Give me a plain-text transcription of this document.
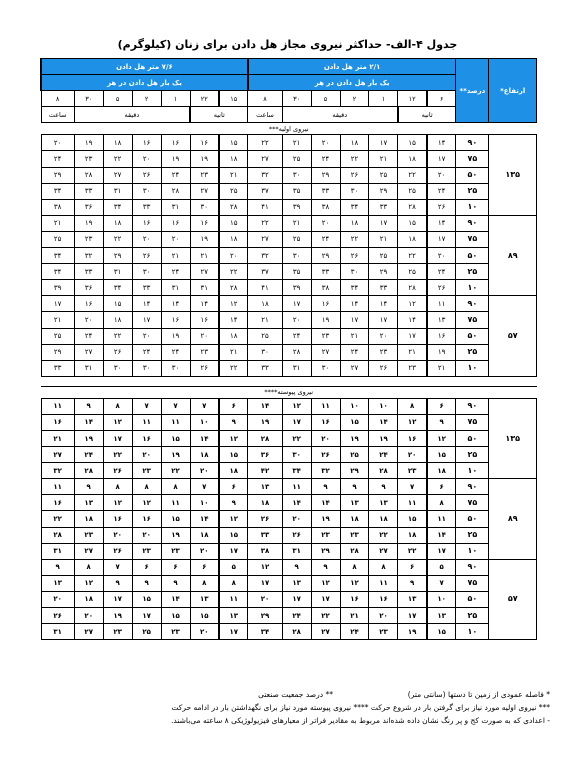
جدول ۴-الف- حداکثر نیروی مجاز هل دادن برای زنان (کیلوگرم)
ارتفاع*	درصد**	۲/۱ متر هل دادن							۷/۶ متر هل دادن						
		یک بار هل دادن در هر							یک بار هل دادن در هر						
		۶	۱۲	۱	۲	۵	۳۰	۸	۱۵	۲۲	۱	۲	۵	۳۰	۸
		ثانیه		دقیقه				ساعت	ثانیه		دقیقه				ساعت
نیروی اولیه***															
۱۳۵	۹۰	۱۴	۱۵	۱۷	۱۸	۲۰	۲۱	۲۲	۱۵	۱۶	۱۶	۱۶	۱۸	۱۹	۲۰
	۷۵	۱۷	۱۸	۲۱	۲۲	۲۴	۲۵	۲۷	۱۸	۱۹	۱۹	۲۰	۲۲	۲۳	۲۴
	۵۰	۲۰	۲۲	۲۵	۲۶	۲۹	۳۰	۳۲	۲۱	۲۳	۲۴	۲۶	۲۷	۲۸	۲۹
	۲۵	۲۴	۲۵	۲۹	۳۰	۳۳	۳۵	۳۷	۲۵	۲۷	۲۸	۳۰	۳۱	۳۳	۳۴
	۱۰	۲۶	۲۸	۳۳	۳۴	۳۸	۳۹	۴۱	۲۸	۳۰	۳۱	۳۳	۳۴	۳۶	۳۸
۸۹	۹۰	۱۴	۱۵	۱۷	۱۸	۲۰	۲۱	۲۲	۱۵	۱۶	۱۶	۱۶	۱۸	۱۹	۲۱
	۷۵	۱۷	۱۸	۲۱	۲۲	۲۴	۲۵	۲۷	۱۸	۱۹	۲۰	۲۰	۲۲	۲۳	۲۵
	۵۰	۲۰	۲۲	۲۵	۲۶	۲۹	۳۰	۳۲	۲۰	۲۱	۲۱	۲۶	۲۹	۳۲	۳۴
	۲۵	۲۴	۲۵	۲۹	۳۰	۳۳	۳۵	۳۷	۲۲	۲۷	۲۴	۳۰	۳۱	۳۳	۳۴
	۱۰	۲۶	۲۸	۳۳	۳۴	۳۸	۳۹	۴۱	۲۸	۳۱	۳۱	۳۳	۳۴	۳۶	۳۹
۵۷	۹۰	۱۱	۱۲	۱۴	۱۴	۱۶	۱۷	۱۸	۱۲	۱۴	۱۴	۱۴	۱۵	۱۶	۱۷
	۷۵	۱۳	۱۴	۱۷	۱۷	۱۹	۲۰	۲۱	۱۴	۱۶	۱۶	۱۷	۱۸	۲۰	۲۱
	۵۰	۱۶	۱۷	۲۰	۲۱	۲۳	۲۴	۲۵	۱۸	۲۰	۱۹	۲۰	۲۲	۲۴	۲۵
	۲۵	۱۹	۲۱	۲۳	۲۴	۲۷	۲۸	۳۰	۲۱	۲۳	۲۴	۲۴	۲۶	۲۷	۲۹
	۱۰	۲۱	۲۳	۲۶	۲۷	۳۰	۳۱	۳۳	۲۲	۲۶	۳۰	۳۰	۳۰	۳۱	۳۳

نیروی پیوسته****															
۱۳۵	۹۰	۶	۸	۱۰	۱۰	۱۱	۱۲	۱۴	۶	۷	۷	۷	۸	۹	۱۱
	۷۵	۹	۱۲	۱۴	۱۵	۱۶	۱۷	۱۹	۹	۱۰	۱۱	۱۱	۱۲	۱۴	۱۶
	۵۰	۱۲	۱۶	۱۹	۱۹	۲۰	۲۲	۲۸	۱۲	۱۴	۱۵	۱۶	۱۷	۱۹	۲۱
	۲۵	۱۵	۲۰	۲۴	۲۵	۲۶	۳۰	۳۶	۱۵	۱۸	۱۹	۲۰	۲۲	۲۴	۲۷
	۱۰	۱۸	۲۳	۲۸	۲۹	۳۲	۳۴	۴۲	۱۸	۲۰	۲۲	۲۳	۲۶	۲۸	۳۲
۸۹	۹۰	۶	۷	۹	۹	۹	۱۱	۱۳	۶	۷	۸	۸	۸	۹	۱۱
	۷۵	۸	۱۱	۱۳	۱۳	۱۴	۱۴	۱۸	۹	۱۰	۱۱	۱۲	۱۲	۱۳	۱۶
	۵۰	۱۱	۱۵	۱۸	۱۸	۱۹	۲۰	۲۶	۱۲	۱۴	۱۵	۱۶	۱۶	۱۸	۲۲
	۲۵	۱۴	۱۸	۲۲	۲۳	۲۳	۲۶	۳۳	۱۵	۱۸	۱۹	۲۰	۲۰	۲۳	۲۸
	۱۰	۱۷	۲۲	۲۷	۲۸	۲۹	۳۱	۳۸	۱۷	۲۰	۲۳	۲۳	۲۶	۲۷	۳۱
۵۷	۹۰	۵	۶	۸	۸	۹	۹	۱۲	۵	۶	۶	۶	۷	۸	۹
	۷۵	۷	۹	۱۱	۱۲	۱۲	۱۳	۱۷	۸	۸	۹	۹	۹	۱۲	۱۳
	۵۰	۱۰	۱۳	۱۶	۱۶	۱۷	۱۷	۲۰	۱۱	۱۳	۱۴	۱۵	۱۷	۱۸	۲۰
	۲۵	۱۳	۱۷	۲۰	۲۱	۲۲	۲۴	۲۹	۱۳	۱۵	۱۵	۱۷	۱۹	۲۰	۲۶
	۱۰	۱۵	۱۹	۲۳	۲۴	۲۷	۲۸	۳۴	۱۷	۲۰	۲۳	۲۵	۲۳	۲۷	۳۱
* فاصله عمودی از زمین تا دستها (سانتی متر)  ** درصد جمعیت صنعتی
*** نیروی اولیه مورد نیاز برای گرفتن بار در شروع حرکت **** نیروی پیوسته مورد نیاز برای نگهداشتن بار در ادامه حرکت
- اعدادی که به صورت کج و پر رنگ نشان داده شده‌اند مربوط به مقادیر فراتر از معیارهای فیزیولوژیکی ۸ ساعته می‌باشند.
